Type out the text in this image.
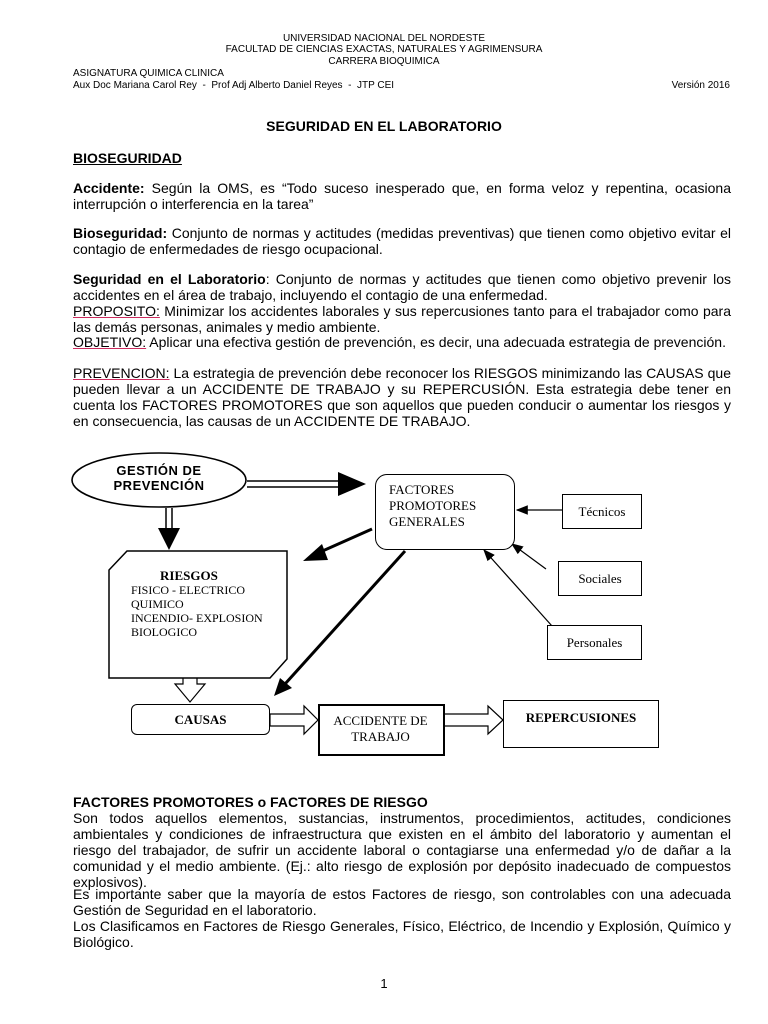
UNIVERSIDAD NACIONAL DEL NORDESTE
FACULTAD DE CIENCIAS EXACTAS, NATURALES Y AGRIMENSURA
CARRERA BIOQUIMICA
ASIGNATURA QUIMICA CLINICA
Aux Doc Mariana Carol Rey  -  Prof Adj Alberto Daniel Reyes  -  JTP CEI	Versión 2016
SEGURIDAD EN EL LABORATORIO
BIOSEGURIDAD

Accidente: Según la OMS, es “Todo suceso inesperado que, en forma veloz y repentina, ocasiona interrupción o interferencia en la tarea”

Bioseguridad: Conjunto de normas y actitudes (medidas preventivas) que tienen como objetivo evitar el contagio de enfermedades de riesgo ocupacional.

Seguridad en el Laboratorio: Conjunto de normas y actitudes que tienen como objetivo prevenir los accidentes en el área de trabajo, incluyendo el contagio de una enfermedad.

PROPOSITO: Minimizar los accidentes laborales y sus repercusiones tanto para el trabajador como para las demás personas, animales y medio ambiente.

OBJETIVO: Aplicar una efectiva gestión de prevención, es decir, una adecuada estrategia de prevención.

PREVENCION: La estrategia de prevención debe reconocer los RIESGOS minimizando las CAUSAS que pueden llevar a un ACCIDENTE DE TRABAJO y su REPERCUSIÓN. Esta estrategia debe tener en cuenta los FACTORES PROMOTORES que son aquellos que pueden conducir o aumentar los riesgos y en consecuencia, las causas de un ACCIDENTE DE TRABAJO.

GESTIÓN DE
PREVENCIÓN	FACTORES
PROMOTORES
GENERALES
Técnicos
Sociales
Personales
RIESGOS
FISICO - ELECTRICO
QUIMICO
INCENDIO- EXPLOSION
BIOLOGICO
CAUSAS	ACCIDENTE DE
TRABAJO
REPERCUSIONES
FACTORES PROMOTORES o FACTORES DE RIESGO

Son todos aquellos elementos, sustancias, instrumentos, procedimientos, actitudes, condiciones ambientales y condiciones de infraestructura que existen en el ámbito del laboratorio y aumentan el riesgo del trabajador, de sufrir un accidente laboral o contagiarse una enfermedad y/o de dañar a la comunidad y el medio ambiente. (Ej.: alto riesgo de explosión por depósito inadecuado de compuestos explosivos).

Es importante saber que la mayoría de estos Factores de riesgo, son controlables con una adecuada Gestión de Seguridad en el laboratorio.

Los Clasificamos en Factores de Riesgo Generales, Físico, Eléctrico, de Incendio y Explosión, Químico y Biológico.

1
